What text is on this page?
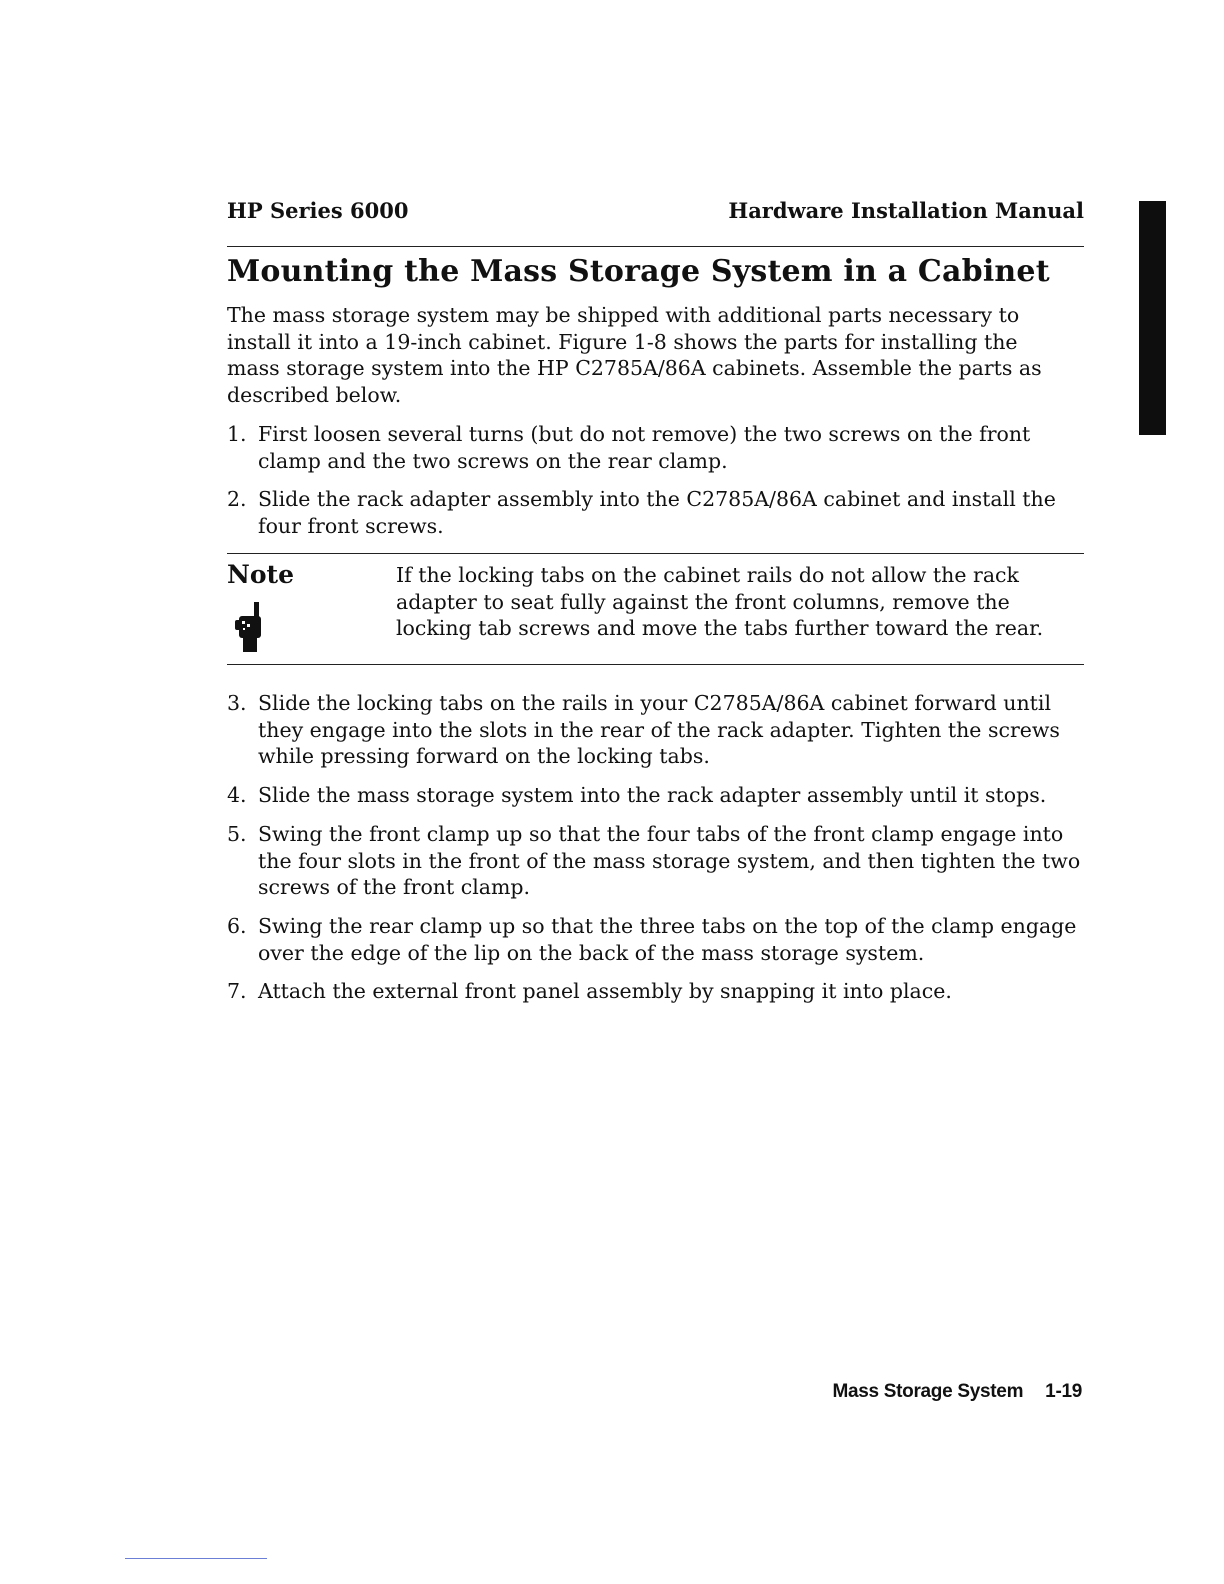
HP Series 6000	Hardware Installation Manual
Mounting the Mass Storage System in a Cabinet

The mass storage system may be shipped with additional parts necessary to install it into a 19-inch cabinet. Figure 1-8 shows the parts for installing the mass storage system into the HP C2785A/86A cabinets. Assemble the parts as described below.

1. First loosen several turns (but do not remove) the two screws on the front clamp and the two screws on the rear clamp.
2. Slide the rack adapter assembly into the C2785A/86A cabinet and install the four front screws.
Note	If the locking tabs on the cabinet rails do not allow the rack adapter to seat fully against the front columns, remove the locking tab screws and move the tabs further toward the rear.
3. Slide the locking tabs on the rails in your C2785A/86A cabinet forward until they engage into the slots in the rear of the rack adapter. Tighten the screws while pressing forward on the locking tabs.
4. Slide the mass storage system into the rack adapter assembly until it stops.
5. Swing the front clamp up so that the four tabs of the front clamp engage into the four slots in the front of the mass storage system, and then tighten the two screws of the front clamp.
6. Swing the rear clamp up so that the three tabs on the top of the clamp engage over the edge of the lip on the back of the mass storage system.
7. Attach the external front panel assembly by snapping it into place.
Mass Storage System 1-19
